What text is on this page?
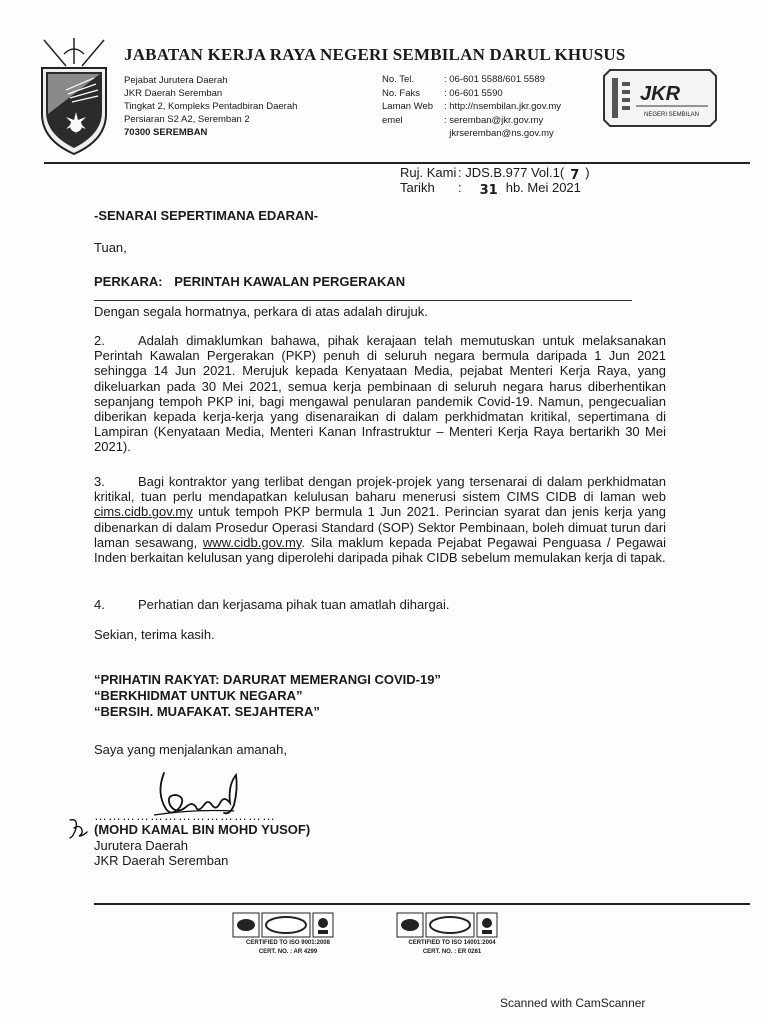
JABATAN KERJA RAYA NEGERI SEMBILAN DARUL KHUSUS
Pejabat Jurutera Daerah
JKR Daerah Seremban
Tingkat 2, Kompleks Pentadbiran Daerah
Persiaran S2 A2, Seremban 2
70300 SEREMBAN
No. Tel.	: 06-601 5588/601 5589
No. Faks	: 06-601 5590
Laman Web	: http://nsembilan.jkr.gov.my
emel	: seremban@jkr.gov.my
jkrseremban@ns.gov.my
JKR
NEGERI SEMBILAN
Ruj. Kami : JDS.B.977 Vol.1( 7 )
Tarikh	: 31 hb. Mei 2021
-SENARAI SEPERTIMANA EDARAN-
Tuan,
PERKARA: PERINTAH KAWALAN PERGERAKAN
Dengan segala hormatnya, perkara di atas adalah dirujuk.
2.	Adalah dimaklumkan bahawa, pihak kerajaan telah memutuskan untuk melaksanakan Perintah Kawalan Pergerakan (PKP) penuh di seluruh negara bermula daripada 1 Jun 2021 sehingga 14 Jun 2021. Merujuk kepada Kenyataan Media, pejabat Menteri Kerja Raya, yang dikeluarkan pada 30 Mei 2021, semua kerja pembinaan di seluruh negara harus diberhentikan sepanjang tempoh PKP ini, bagi mengawal penularan pandemik Covid-19. Namun, pengecualian diberikan kepada kerja-kerja yang disenaraikan di dalam perkhidmatan kritikal, sepertimana di Lampiran (Kenyataan Media, Menteri Kanan Infrastruktur – Menteri Kerja Raya bertarikh 30 Mei 2021).
3.	Bagi kontraktor yang terlibat dengan projek-projek yang tersenarai di dalam perkhidmatan kritikal, tuan perlu mendapatkan kelulusan baharu menerusi sistem CIMS CIDB di laman web cims.cidb.gov.my untuk tempoh PKP bermula 1 Jun 2021. Perincian syarat dan jenis kerja yang dibenarkan di dalam Prosedur Operasi Standard (SOP) Sektor Pembinaan, boleh dimuat turun dari laman sesawang, www.cidb.gov.my. Sila maklum kepada Pejabat Pegawai Penguasa / Pegawai Inden berkaitan kelulusan yang diperolehi daripada pihak CIDB sebelum memulakan kerja di tapak.
4.	Perhatian dan kerjasama pihak tuan amatlah dihargai.
Sekian, terima kasih.
“PRIHATIN RAKYAT: DARURAT MEMERANGI COVID-19”
“BERKHIDMAT UNTUK NEGARA”
“BERSIH. MUAFAKAT. SEJAHTERA”
Saya yang menjalankan amanah,
…………………………………
(MOHD KAMAL BIN MOHD YUSOF)
Jurutera Daerah
JKR Daerah Seremban
CERTIFIED TO ISO 9001:2008
CERT. NO. : AR 4299
CERTIFIED TO ISO 14001:2004
CERT. NO. : ER 0281
Scanned with CamScanner
